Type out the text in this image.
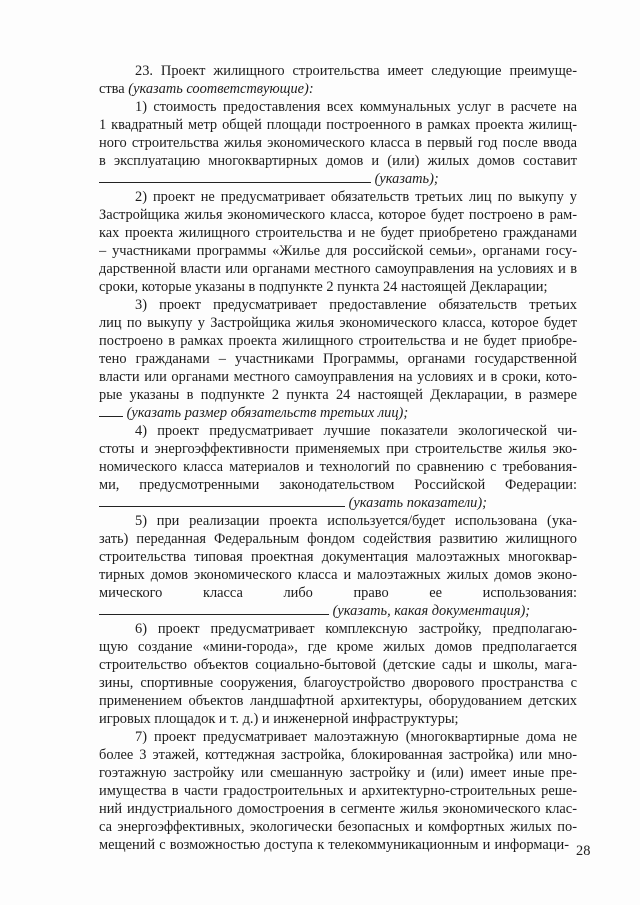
23. Проект жилищного строительства имеет следующие преимуще-
ства (указать соответствующие):
1) стоимость предоставления всех коммунальных услуг в расчете на
1 квадратный метр общей площади построенного в рамках проекта жилищ-
ного строительства жилья экономического класса в первый год после ввода
в эксплуатацию многоквартирных домов и (или) жилых домов составит
(указать);
2) проект не предусматривает обязательств третьих лиц по выкупу у
Застройщика жилья экономического класса, которое будет построено в рам-
ках проекта жилищного строительства и не будет приобретено гражданами
– участниками программы «Жилье для российской семьи», органами госу-
дарственной власти или органами местного самоуправления на условиях и в
сроки, которые указаны в подпункте 2 пункта 24 настоящей Декларации;
3) проект предусматривает предоставление обязательств третьих
лиц по выкупу у Застройщика жилья экономического класса, которое будет
построено в рамках проекта жилищного строительства и не будет приобре-
тено гражданами – участниками Программы, органами государственной
власти или органами местного самоуправления на условиях и в сроки, кото-
рые указаны в подпункте 2 пункта 24 настоящей Декларации, в размере
(указать размер обязательств третьих лиц);
4) проект предусматривает лучшие показатели экологической чи-
стоты и энергоэффективности применяемых при строительстве жилья эко-
номического класса материалов и технологий по сравнению с требования-
ми, предусмотренными законодательством Российской Федерации:
(указать показатели);
5) при реализации проекта используется/будет использована (ука-
зать) переданная Федеральным фондом содействия развитию жилищного
строительства типовая проектная документация малоэтажных многоквар-
тирных домов экономического класса и малоэтажных жилых домов эконо-
мического класса либо право ее использования:
(указать, какая документация);
6) проект предусматривает комплексную застройку, предполагаю-
щую создание «мини-города», где кроме жилых домов предполагается
строительство объектов социально-бытовой (детские сады и школы, мага-
зины, спортивные сооружения, благоустройство дворового пространства с
применением объектов ландшафтной архитектуры, оборудованием детских
игровых площадок и т. д.) и инженерной инфраструктуры;
7) проект предусматривает малоэтажную (многоквартирные дома не
более 3 этажей, коттеджная застройка, блокированная застройка) или мно-
гоэтажную застройку или смешанную застройку и (или) имеет иные пре-
имущества в части градостроительных и архитектурно-строительных реше-
ний индустриального домостроения в сегменте жилья экономического клас-
са энергоэффективных, экологически безопасных и комфортных жилых по-
мещений с возможностью доступа к телекоммуникационным и информаци- 28
